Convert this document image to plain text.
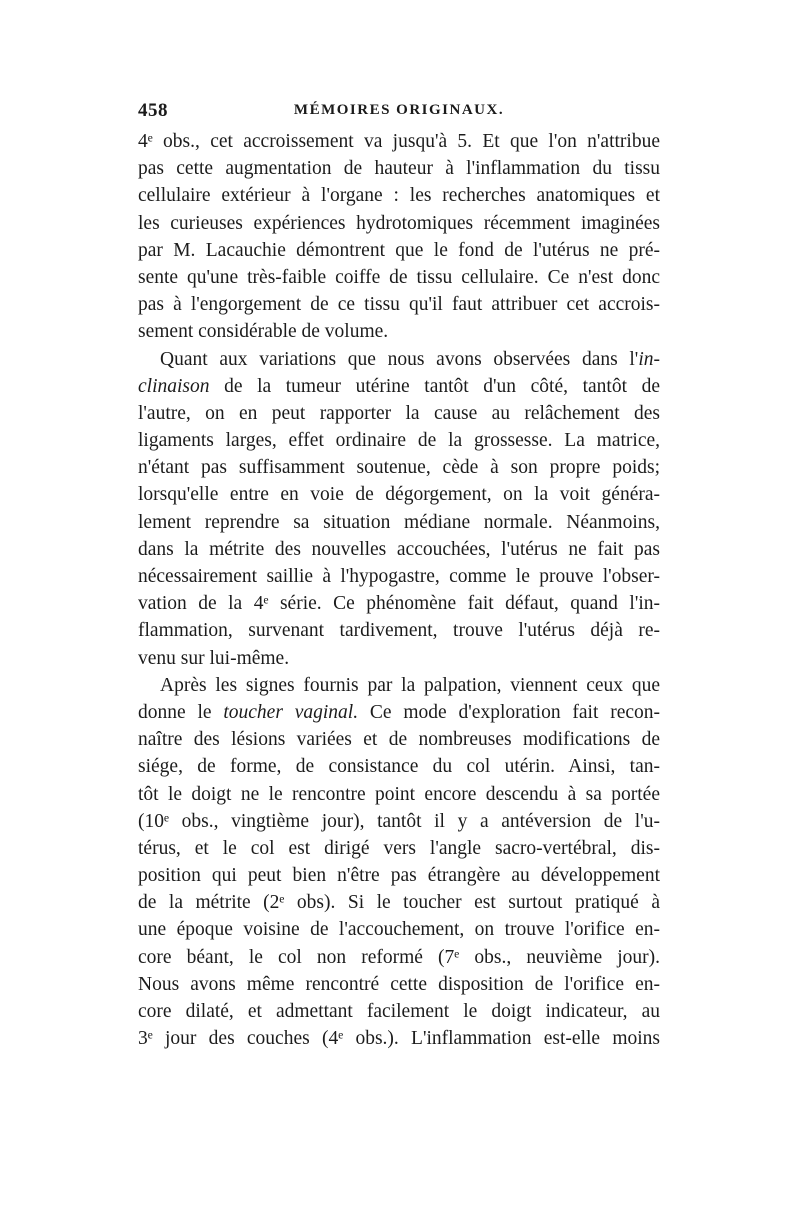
458	MÉMOIRES ORIGINAUX.
4ᵉ obs., cet accroissement va jusqu'à 5. Et que l'on n'attribue
pas cette augmentation de hauteur à l'inflammation du tissu
cellulaire extérieur à l'organe : les recherches anatomiques et
les curieuses expériences hydrotomiques récemment imaginées
par M. Lacauchie démontrent que le fond de l'utérus ne pré-
sente qu'une très-faible coiffe de tissu cellulaire. Ce n'est donc
pas à l'engorgement de ce tissu qu'il faut attribuer cet accrois-
sement considérable de volume.
Quant aux variations que nous avons observées dans l'in-
clinaison de la tumeur utérine tantôt d'un côté, tantôt de
l'autre, on en peut rapporter la cause au relâchement des
ligaments larges, effet ordinaire de la grossesse. La matrice,
n'étant pas suffisamment soutenue, cède à son propre poids;
lorsqu'elle entre en voie de dégorgement, on la voit généra-
lement reprendre sa situation médiane normale. Néanmoins,
dans la métrite des nouvelles accouchées, l'utérus ne fait pas
nécessairement saillie à l'hypogastre, comme le prouve l'obser-
vation de la 4ᵉ série. Ce phénomène fait défaut, quand l'in-
flammation, survenant tardivement, trouve l'utérus déjà re-
venu sur lui-même.
Après les signes fournis par la palpation, viennent ceux que
donne le toucher vaginal. Ce mode d'exploration fait recon-
naître des lésions variées et de nombreuses modifications de
siége, de forme, de consistance du col utérin. Ainsi, tan-
tôt le doigt ne le rencontre point encore descendu à sa portée
(10ᵉ obs., vingtième jour), tantôt il y a antéversion de l'u-
térus, et le col est dirigé vers l'angle sacro-vertébral, dis-
position qui peut bien n'être pas étrangère au développement
de la métrite (2ᵉ obs). Si le toucher est surtout pratiqué à
une époque voisine de l'accouchement, on trouve l'orifice en-
core béant, le col non reformé (7ᵉ obs., neuvième jour).
Nous avons même rencontré cette disposition de l'orifice en-
core dilaté, et admettant facilement le doigt indicateur, au
3ᵉ jour des couches (4ᵉ obs.). L'inflammation est-elle moins
